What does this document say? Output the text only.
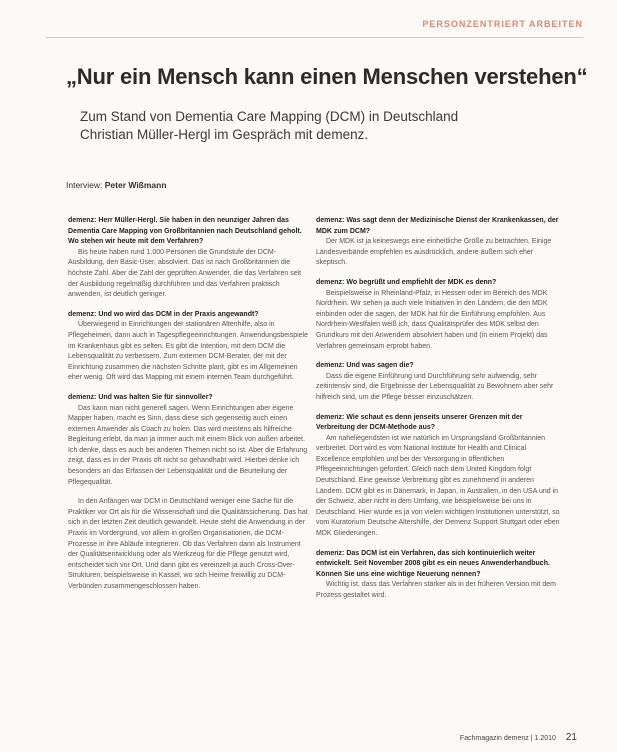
PERSONZENTRIERT ARBEITEN
„Nur ein Mensch kann einen Menschen verstehen“
Zum Stand von Dementia Care Mapping (DCM) in Deutschland
Christian Müller-Hergl im Gespräch mit demenz.
Interview: Peter Wißmann

demenz: Herr Müller-Hergl. Sie haben in den neunziger Jahren das Dementia Care Mapping von Großbritannien nach Deutschland geholt. Wo stehen wir heute mit dem Verfahren?

Bis heute haben rund 1.000 Personen die Grundstufe der DCM-Ausbildung, den Basic-User, absolviert. Das ist nach Großbritannien die höchste Zahl. Aber die Zahl der geprüften Anwender, die das Verfahren seit der Ausbildung regelmäßig durchführen und das Verfahren praktisch anwenden, ist deutlich geringer.

demenz: Und wo wird das DCM in der Praxis angewandt?

Überwiegend in Einrichtungen der stationären Altenhilfe, also in Pflegeheimen, dann auch in Tagespflegeeinrichtungen. Anwendungsbeispiele im Krankenhaus gibt es selten. Es gibt die Intention, mit dem DCM die Lebensqualität zu verbessern. Zum externen DCM-Berater, der mit der Einrichtung zusammen die nächsten Schritte plant, gibt es im Allgemeinen eher wenig. Oft wird das Mapping mit einem internen Team durchgeführt.

demenz: Und was halten Sie für sinnvoller?

Das kann man nicht generell sagen. Wenn Einrichtungen aber eigene Mapper haben, macht es Sinn, dass diese sich gegenseitig auch einen externen Anwender als Coach zu holen. Das wird meistens als hilfreiche Begleitung erlebt, da man ja immer auch mit einem Blick von außen arbeitet. Ich denke, dass es auch bei anderen Themen nicht so ist. Aber die Erfahrung zeigt, dass es in der Praxis oft nicht so gehandhabt wird. Hierbei denke ich besonders an das Erfassen der Lebensqualität und die Beurteilung der Pflegequalität.

In den Anfängen war DCM in Deutschland weniger eine Sache für die Praktiker vor Ort als für die Wissenschaft und die Qualitätssicherung. Das hat sich in der letzten Zeit deutlich gewandelt. Heute steht die Anwendung in der Praxis im Vordergrund, vor allem in großen Organisationen, die DCM-Prozesse in ihre Abläufe integrieren. Ob das Verfahren dann als Instrument der Qualitätsentwicklung oder als Werkzeug für die Pflege genutzt wird, entscheidet sich vor Ort. Und dann gibt es vereinzelt ja auch Cross-Over-Strukturen, beispielsweise in Kassel, wo sich Heime freiwillig zu DCM-Verbünden zusammengeschlossen haben.

demenz: Was sagt denn der Medizinische Dienst der Krankenkassen, der MDK zum DCM?

Der MDK ist ja keineswegs eine einheitliche Größe zu betrachten. Einige Landesverbände empfehlen es ausdrücklich, andere äußern sich eher skeptisch.

demenz: Wo begrüßt und empfiehlt der MDK es denn?

Beispielsweise in Rheinland-Pfalz, in Hessen oder im Bereich des MDK Nordrhein. Wir sehen ja auch viele Initiativen in den Ländern, die den MDK einbinden oder die sagen, der MDK hat für die Einführung empfohlen. Aus Nordrhein-Westfalen weiß ich, dass Qualitätsprüfer des MDK selbst den Grundkurs mit den Anwendern absolviert haben und (in einem Projekt) das Verfahren gemeinsam erprobt haben.

demenz: Und was sagen die?

Dass die eigene Einführung und Durchführung sehr aufwendig, sehr zeitintensiv sind, die Ergebnisse der Lebensqualität zu Bewohnern aber sehr hilfreich sind, um die Pflege besser einzuschätzen.

demenz: Wie schaut es denn jenseits unserer Grenzen mit der Verbreitung der DCM-Methode aus?

Am naheliegendsten ist wie natürlich im Ursprungsland Großbritannien verbreitet. Dort wird es vom National Institute for Health and Clinical Excellence empfohlen und bei der Versorgung in öffentlichen Pflegeeinrichtungen gefordert. Gleich nach dem United Kingdom folgt Deutschland. Eine gewisse Verbreitung gibt es zunehmend in anderen Ländern. DCM gibt es in Dänemark, in Japan, in Australien, in den USA und in der Schweiz, aber nicht in dem Umfang, wie beispielsweise bei uns in Deutschland. Hier wurde es ja von vielen wichtigen Institutionen unterstützt, so vom Kuratorium Deutsche Altershilfe, der Demenz Support Stuttgart oder eben MDK Gliederungen.

demenz: Das DCM ist ein Verfahren, das sich kontinuierlich weiter entwickelt. Seit November 2008 gibt es ein neues Anwenderhandbuch. Können Sie uns eine wichtige Neuerung nennen?

Wichtig ist, dass das Verfahren stärker als in der früheren Version mit dem Prozess gestaltet wird.

Fachmagazin demenz | 1.2010 21
